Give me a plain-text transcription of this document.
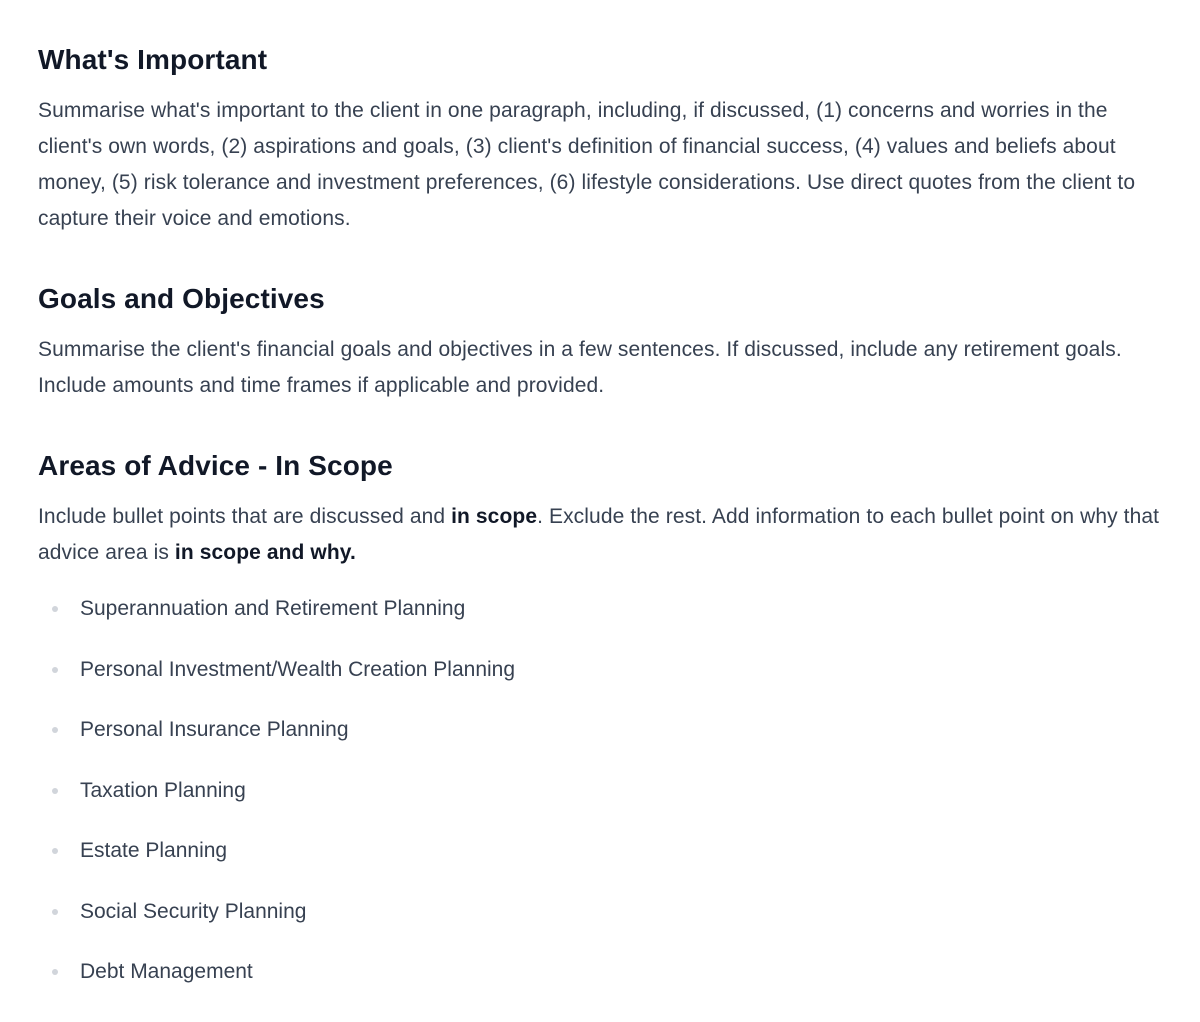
What's Important

Summarise what's important to the client in one paragraph, including, if discussed, (1) concerns and worries in the client's own words, (2) aspirations and goals, (3) client's definition of financial success, (4) values and beliefs about money, (5) risk tolerance and investment preferences, (6) lifestyle considerations. Use direct quotes from the client to capture their voice and emotions.

Goals and Objectives

Summarise the client's financial goals and objectives in a few sentences. If discussed, include any retirement goals. Include amounts and time frames if applicable and provided.

Areas of Advice - In Scope

Include bullet points that are discussed and in scope. Exclude the rest. Add information to each bullet point on why that advice area is in scope and why.

Superannuation and Retirement Planning
Personal Investment/Wealth Creation Planning
Personal Insurance Planning
Taxation Planning
Estate Planning
Social Security Planning
Debt Management
